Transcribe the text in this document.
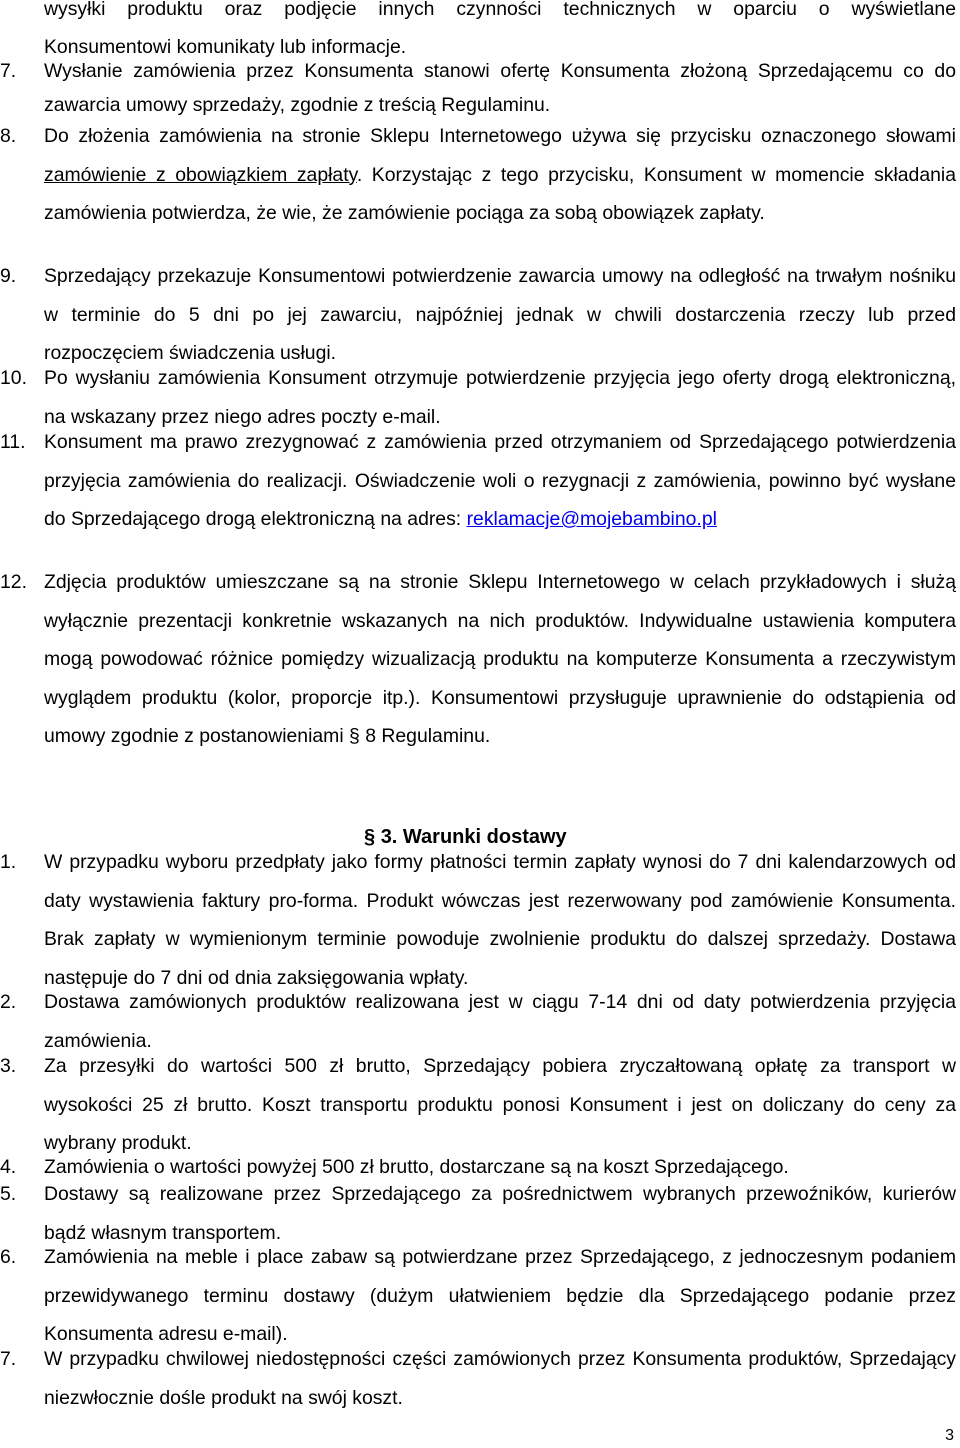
wysyłki produktu oraz podjęcie innych czynności technicznych w oparciu o wyświetlane
Konsumentowi komunikaty lub informacje.
7. Wysłanie zamówienia przez Konsumenta stanowi ofertę Konsumenta złożoną Sprzedającemu co do zawarcia umowy sprzedaży, zgodnie z treścią Regulaminu.
8. Do złożenia zamówienia na stronie Sklepu Internetowego używa się przycisku oznaczonego słowami zamówienie z obowiązkiem zapłaty. Korzystając z tego przycisku, Konsument w momencie składania zamówienia potwierdza, że wie, że zamówienie pociąga za sobą obowiązek zapłaty.
9. Sprzedający przekazuje Konsumentowi potwierdzenie zawarcia umowy na odległość na trwałym nośniku w terminie do 5 dni po jej zawarciu, najpóźniej jednak w chwili dostarczenia rzeczy lub przed rozpoczęciem świadczenia usługi.
10. Po wysłaniu zamówienia Konsument otrzymuje potwierdzenie przyjęcia jego oferty drogą elektroniczną, na wskazany przez niego adres poczty e-mail.
11. Konsument ma prawo zrezygnować z zamówienia przed otrzymaniem od Sprzedającego potwierdzenia przyjęcia zamówienia do realizacji. Oświadczenie woli o rezygnacji z zamówienia, powinno być wysłane do Sprzedającego drogą elektroniczną na adres: reklamacje@mojebambino.pl
12. Zdjęcia produktów umieszczane są na stronie Sklepu Internetowego w celach przykładowych i służą wyłącznie prezentacji konkretnie wskazanych na nich produktów. Indywidualne ustawienia komputera mogą powodować różnice pomiędzy wizualizacją produktu na komputerze Konsumenta a rzeczywistym wyglądem produktu (kolor, proporcje itp.). Konsumentowi przysługuje uprawnienie do odstąpienia od umowy zgodnie z postanowieniami § 8 Regulaminu.
§ 3. Warunki dostawy
1. W przypadku wyboru przedpłaty jako formy płatności termin zapłaty wynosi do 7 dni kalendarzowych od daty wystawienia faktury pro-forma. Produkt wówczas jest rezerwowany pod zamówienie Konsumenta. Brak zapłaty w wymienionym terminie powoduje zwolnienie produktu do dalszej sprzedaży. Dostawa następuje do 7 dni od dnia zaksięgowania wpłaty.
2. Dostawa zamówionych produktów realizowana jest w ciągu 7-14 dni od daty potwierdzenia przyjęcia zamówienia.
3. Za przesyłki do wartości 500 zł brutto, Sprzedający pobiera zryczałtowaną opłatę za transport w wysokości 25 zł brutto. Koszt transportu produktu ponosi Konsument i jest on doliczany do ceny za wybrany produkt.
4. Zamówienia o wartości powyżej 500 zł brutto, dostarczane są na koszt Sprzedającego.
5. Dostawy są realizowane przez Sprzedającego za pośrednictwem wybranych przewoźników, kurierów bądź własnym transportem.
6. Zamówienia na meble i place zabaw są potwierdzane przez Sprzedającego, z jednoczesnym podaniem przewidywanego terminu dostawy (dużym ułatwieniem będzie dla Sprzedającego podanie przez Konsumenta adresu e-mail).
7. W przypadku chwilowej niedostępności części zamówionych przez Konsumenta produktów, Sprzedający niezwłocznie dośle produkt na swój koszt.
3
